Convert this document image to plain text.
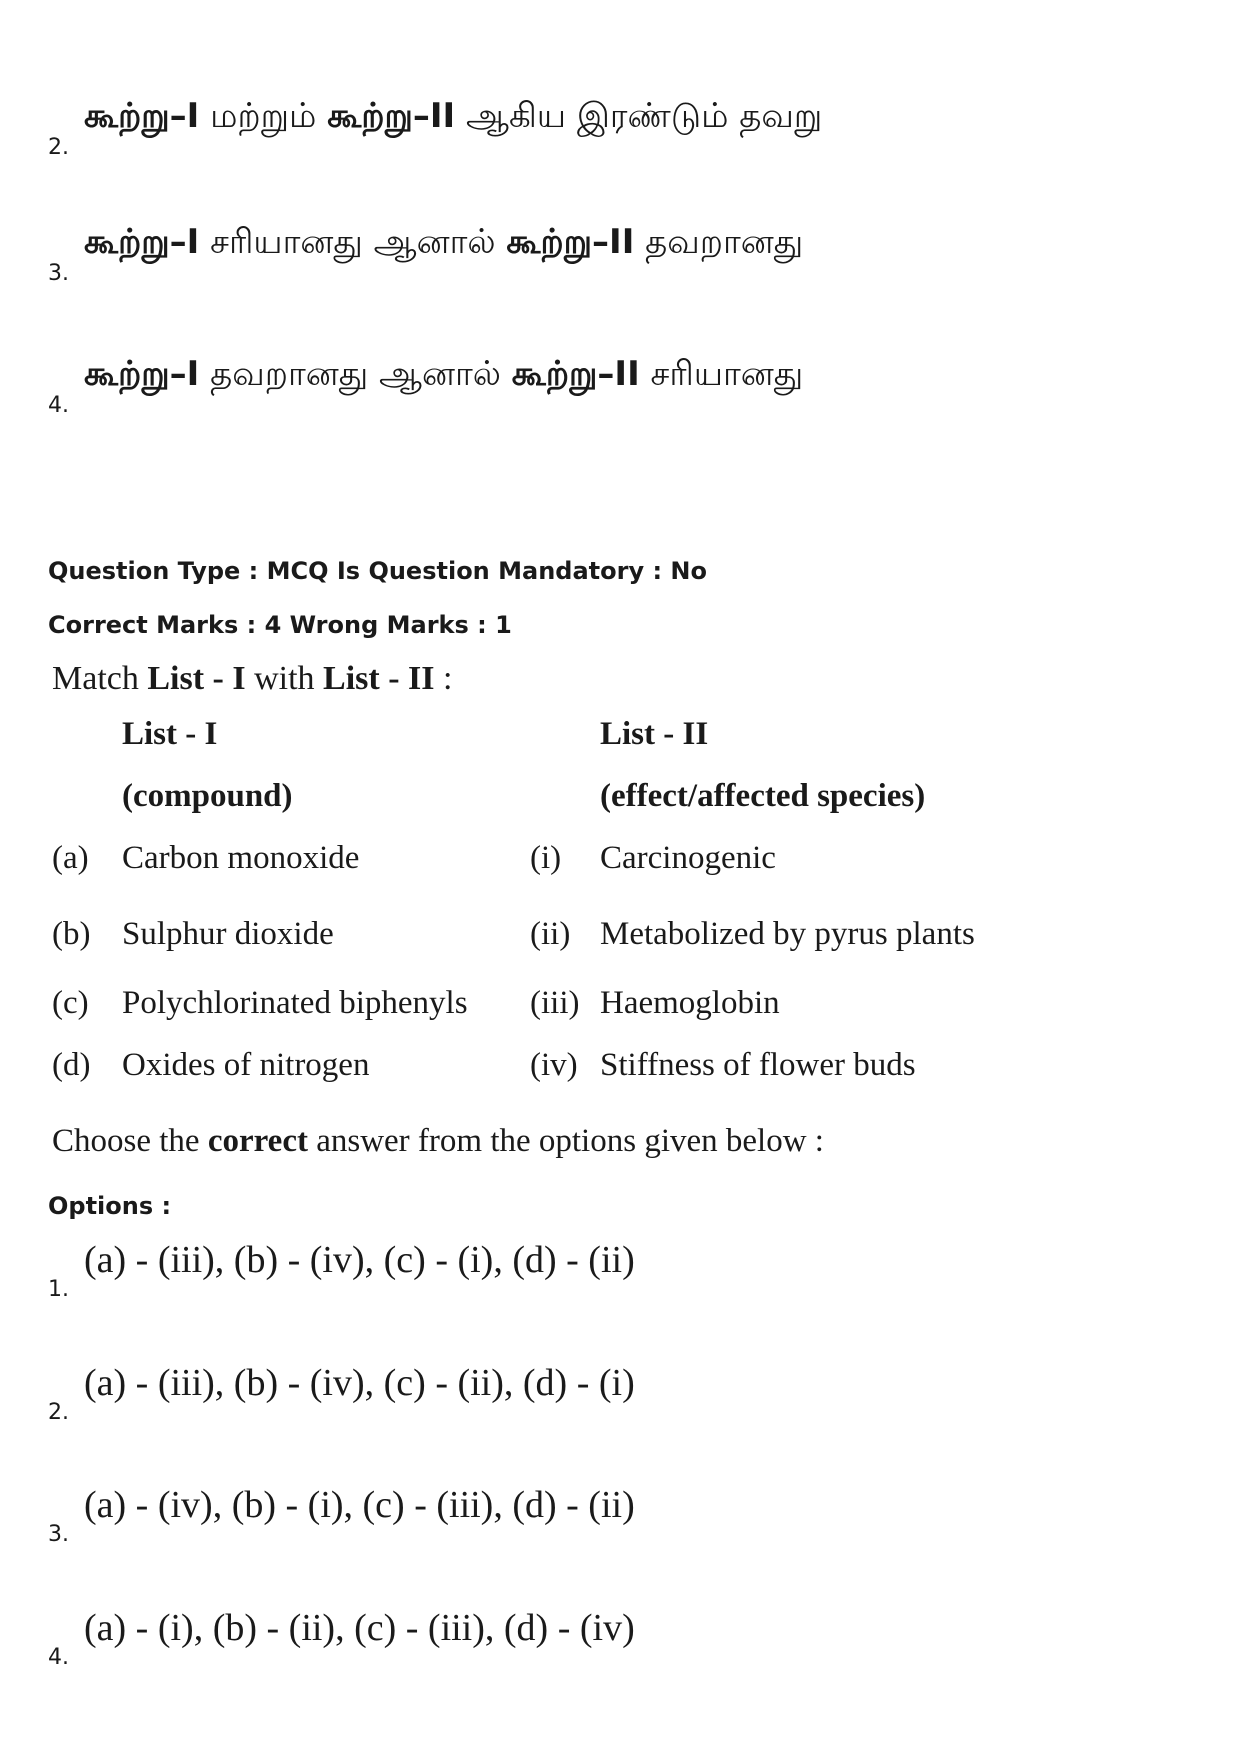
2.
கூற்று–I மற்றும் கூற்று–II ஆகிய இரண்டும் தவறு
3.
கூற்று–I சரியானது ஆனால் கூற்று–II தவறானது
4.
கூற்று–I தவறானது ஆனால் கூற்று–II சரியானது
Question Type : MCQ Is Question Mandatory : No
Correct Marks : 4 Wrong Marks : 1
Match List - I with List - II :
List - I	List - II
(compound)	(effect/affected species)
(a) Carbon monoxide	(i) Carcinogenic
(b) Sulphur dioxide	(ii) Metabolized by pyrus plants
(c) Polychlorinated biphenyls (iii) Haemoglobin
(d) Oxides of nitrogen	(iv) Stiffness of flower buds
Choose the correct answer from the options given below :
Options :
1.
(a) - (iii), (b) - (iv), (c) - (i), (d) - (ii)
2.
(a) - (iii), (b) - (iv), (c) - (ii), (d) - (i)
3.
(a) - (iv), (b) - (i), (c) - (iii), (d) - (ii)
4.
(a) - (i), (b) - (ii), (c) - (iii), (d) - (iv)
